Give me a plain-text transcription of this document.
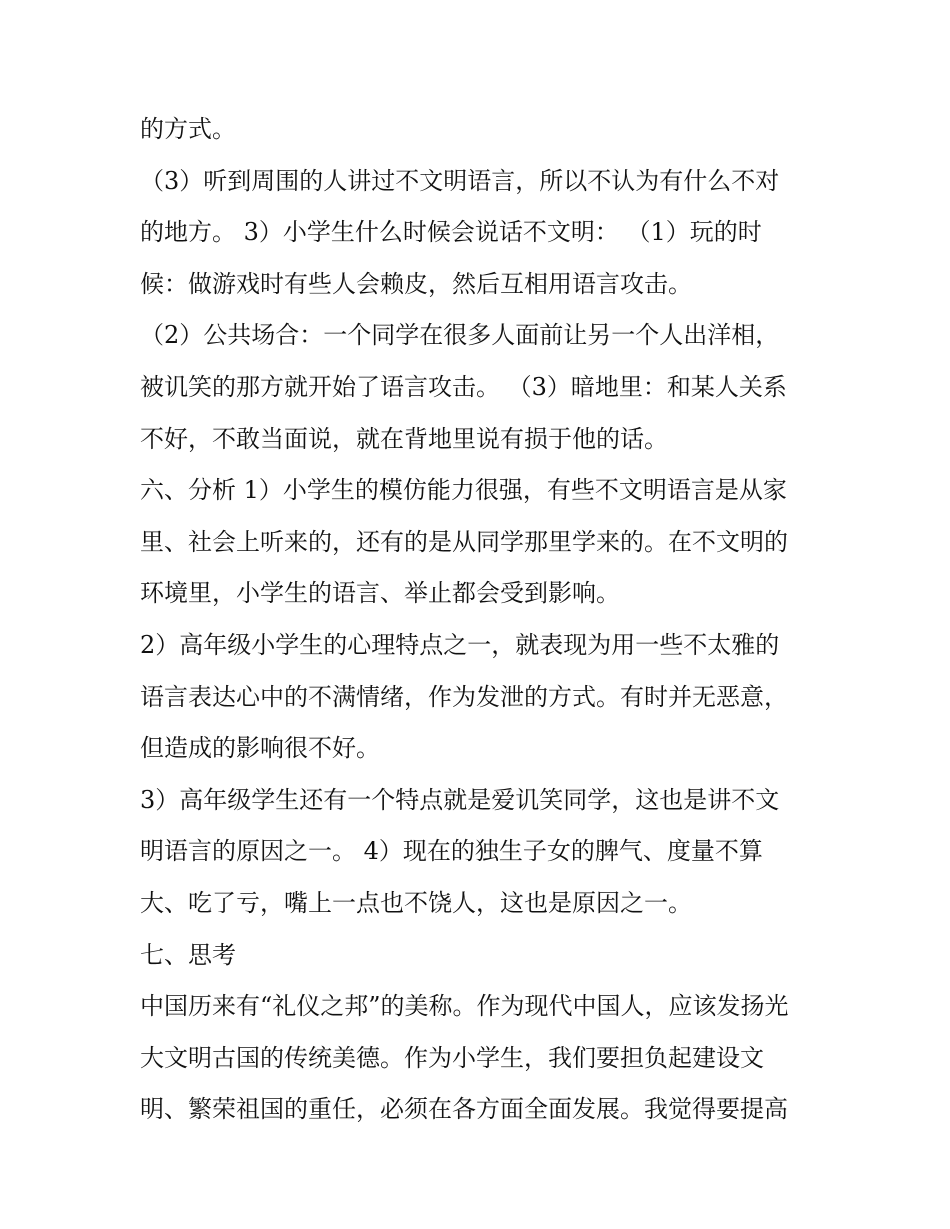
的方式。
（3）听到周围的人讲过不文明语言，所以不认为有什么不对
的地方。 3）小学生什么时候会说话不文明： （1）玩的时
候：做游戏时有些人会赖皮，然后互相用语言攻击。
（2）公共场合：一个同学在很多人面前让另一个人出洋相，
被讥笑的那方就开始了语言攻击。 （3）暗地里：和某人关系
不好，不敢当面说，就在背地里说有损于他的话。
六、分析 1）小学生的模仿能力很强，有些不文明语言是从家
里、社会上听来的，还有的是从同学那里学来的。在不文明的
环境里，小学生的语言、举止都会受到影响。
2）高年级小学生的心理特点之一，就表现为用一些不太雅的
语言表达心中的不满情绪，作为发泄的方式。有时并无恶意，
但造成的影响很不好。
3）高年级学生还有一个特点就是爱讥笑同学，这也是讲不文
明语言的原因之一。 4）现在的独生子女的脾气、度量不算
大、吃了亏，嘴上一点也不饶人，这也是原因之一。
七、思考
中国历来有“礼仪之邦”的美称。作为现代中国人，应该发扬光
大文明古国的传统美德。作为小学生，我们要担负起建设文
明、繁荣祖国的重任，必须在各方面全面发展。我觉得要提高
